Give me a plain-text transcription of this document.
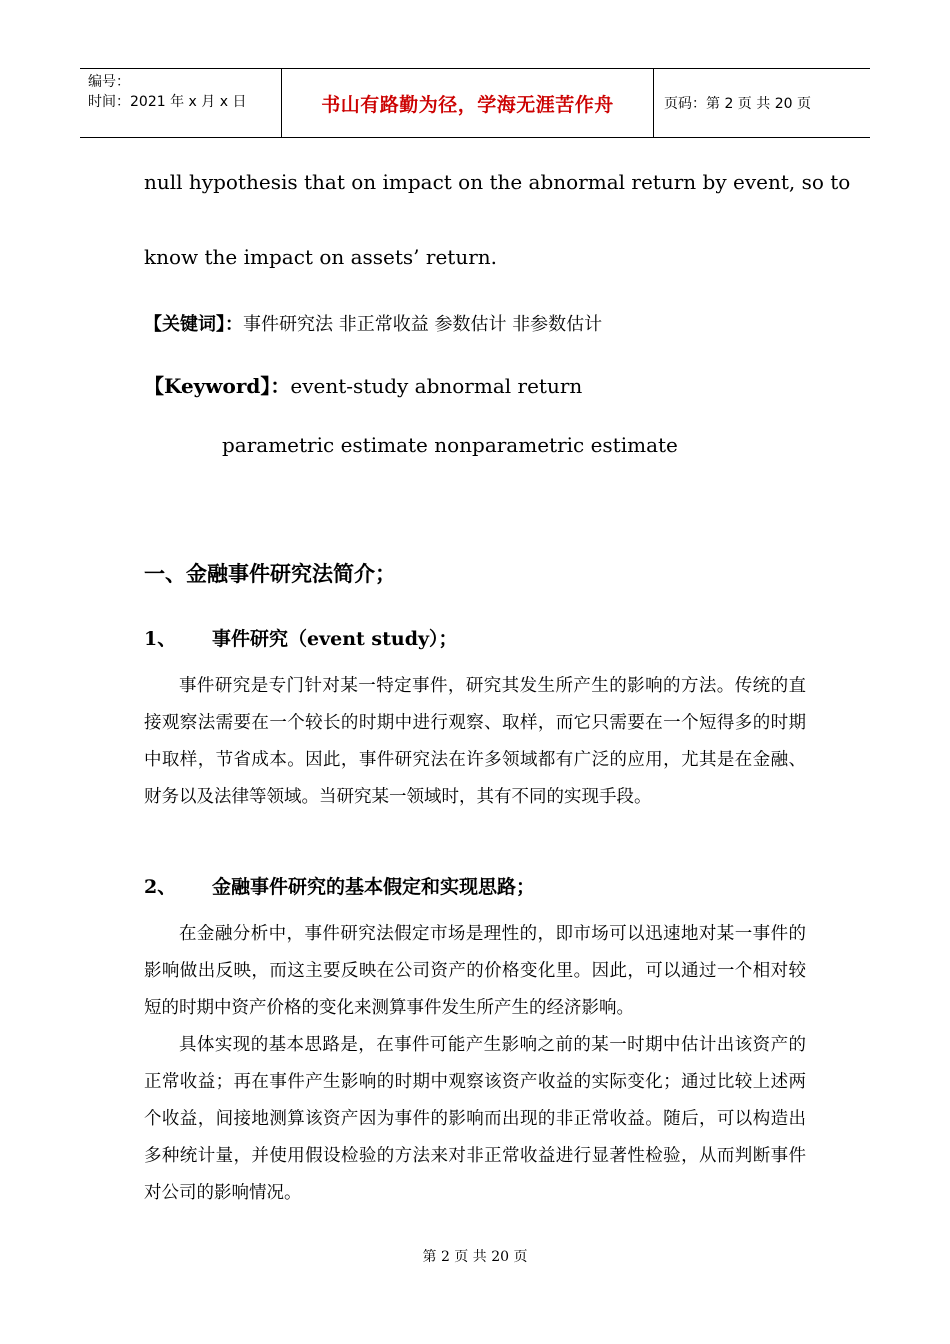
编号：
时间：2021 年 x 月 x 日	书山有路勤为径，学海无涯苦作舟	页码：第 2 页 共 20 页
null hypothesis that on impact on the abnormal return by event, so to
know the impact on assets’ return.
【关键词】：事件研究法 非正常收益 参数估计 非参数估计
【Keyword】：event-study abnormal return
parametric estimate nonparametric estimate
一、金融事件研究法简介；
1、 事件研究（event study）；
事件研究是专门针对某一特定事件，研究其发生所产生的影响的方法。传统的直接观察法需要在一个较长的时期中进行观察、取样，而它只需要在一个短得多的时期中取样，节省成本。因此，事件研究法在许多领域都有广泛的应用，尤其是在金融、财务以及法律等领域。当研究某一领域时，其有不同的实现手段。
2、 金融事件研究的基本假定和实现思路；
在金融分析中，事件研究法假定市场是理性的，即市场可以迅速地对某一事件的影响做出反映，而这主要反映在公司资产的价格变化里。因此，可以通过一个相对较短的时期中资产价格的变化来测算事件发生所产生的经济影响。
具体实现的基本思路是，在事件可能产生影响之前的某一时期中估计出该资产的正常收益；再在事件产生影响的时期中观察该资产收益的实际变化；通过比较上述两个收益，间接地测算该资产因为事件的影响而出现的非正常收益。随后，可以构造出多种统计量，并使用假设检验的方法来对非正常收益进行显著性检验，从而判断事件对公司的影响情况。
第 2 页 共 20 页
